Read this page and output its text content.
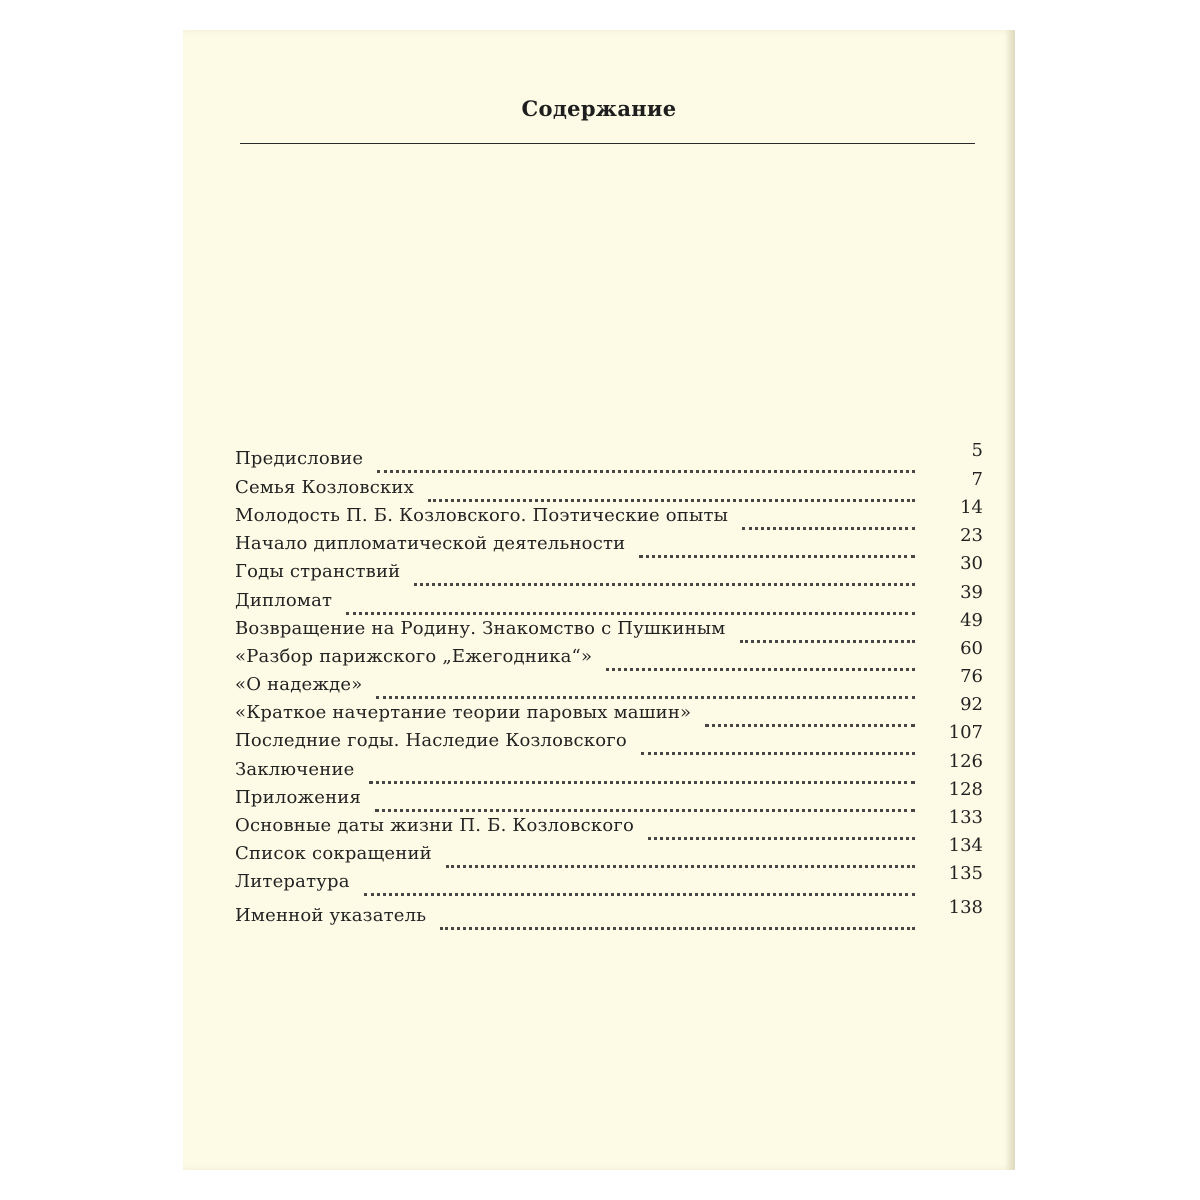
Содержание
Предисловие	5
Семья Козловских	7
Молодость П. Б. Козловского. Поэтические опыты	14
Начало дипломатической деятельности	23
Годы странствий	30
Дипломат	39
Возвращение на Родину. Знакомство с Пушкиным	49
«Разбор парижского „Ежегодника“»	60
«О надежде»	76
«Краткое начертание теории паровых машин»	92
Последние годы. Наследие Козловского	107
Заключение	126
Приложения	128
Основные даты жизни П. Б. Козловского	133
Список сокращений	134
Литература	135
Именной указатель	138
